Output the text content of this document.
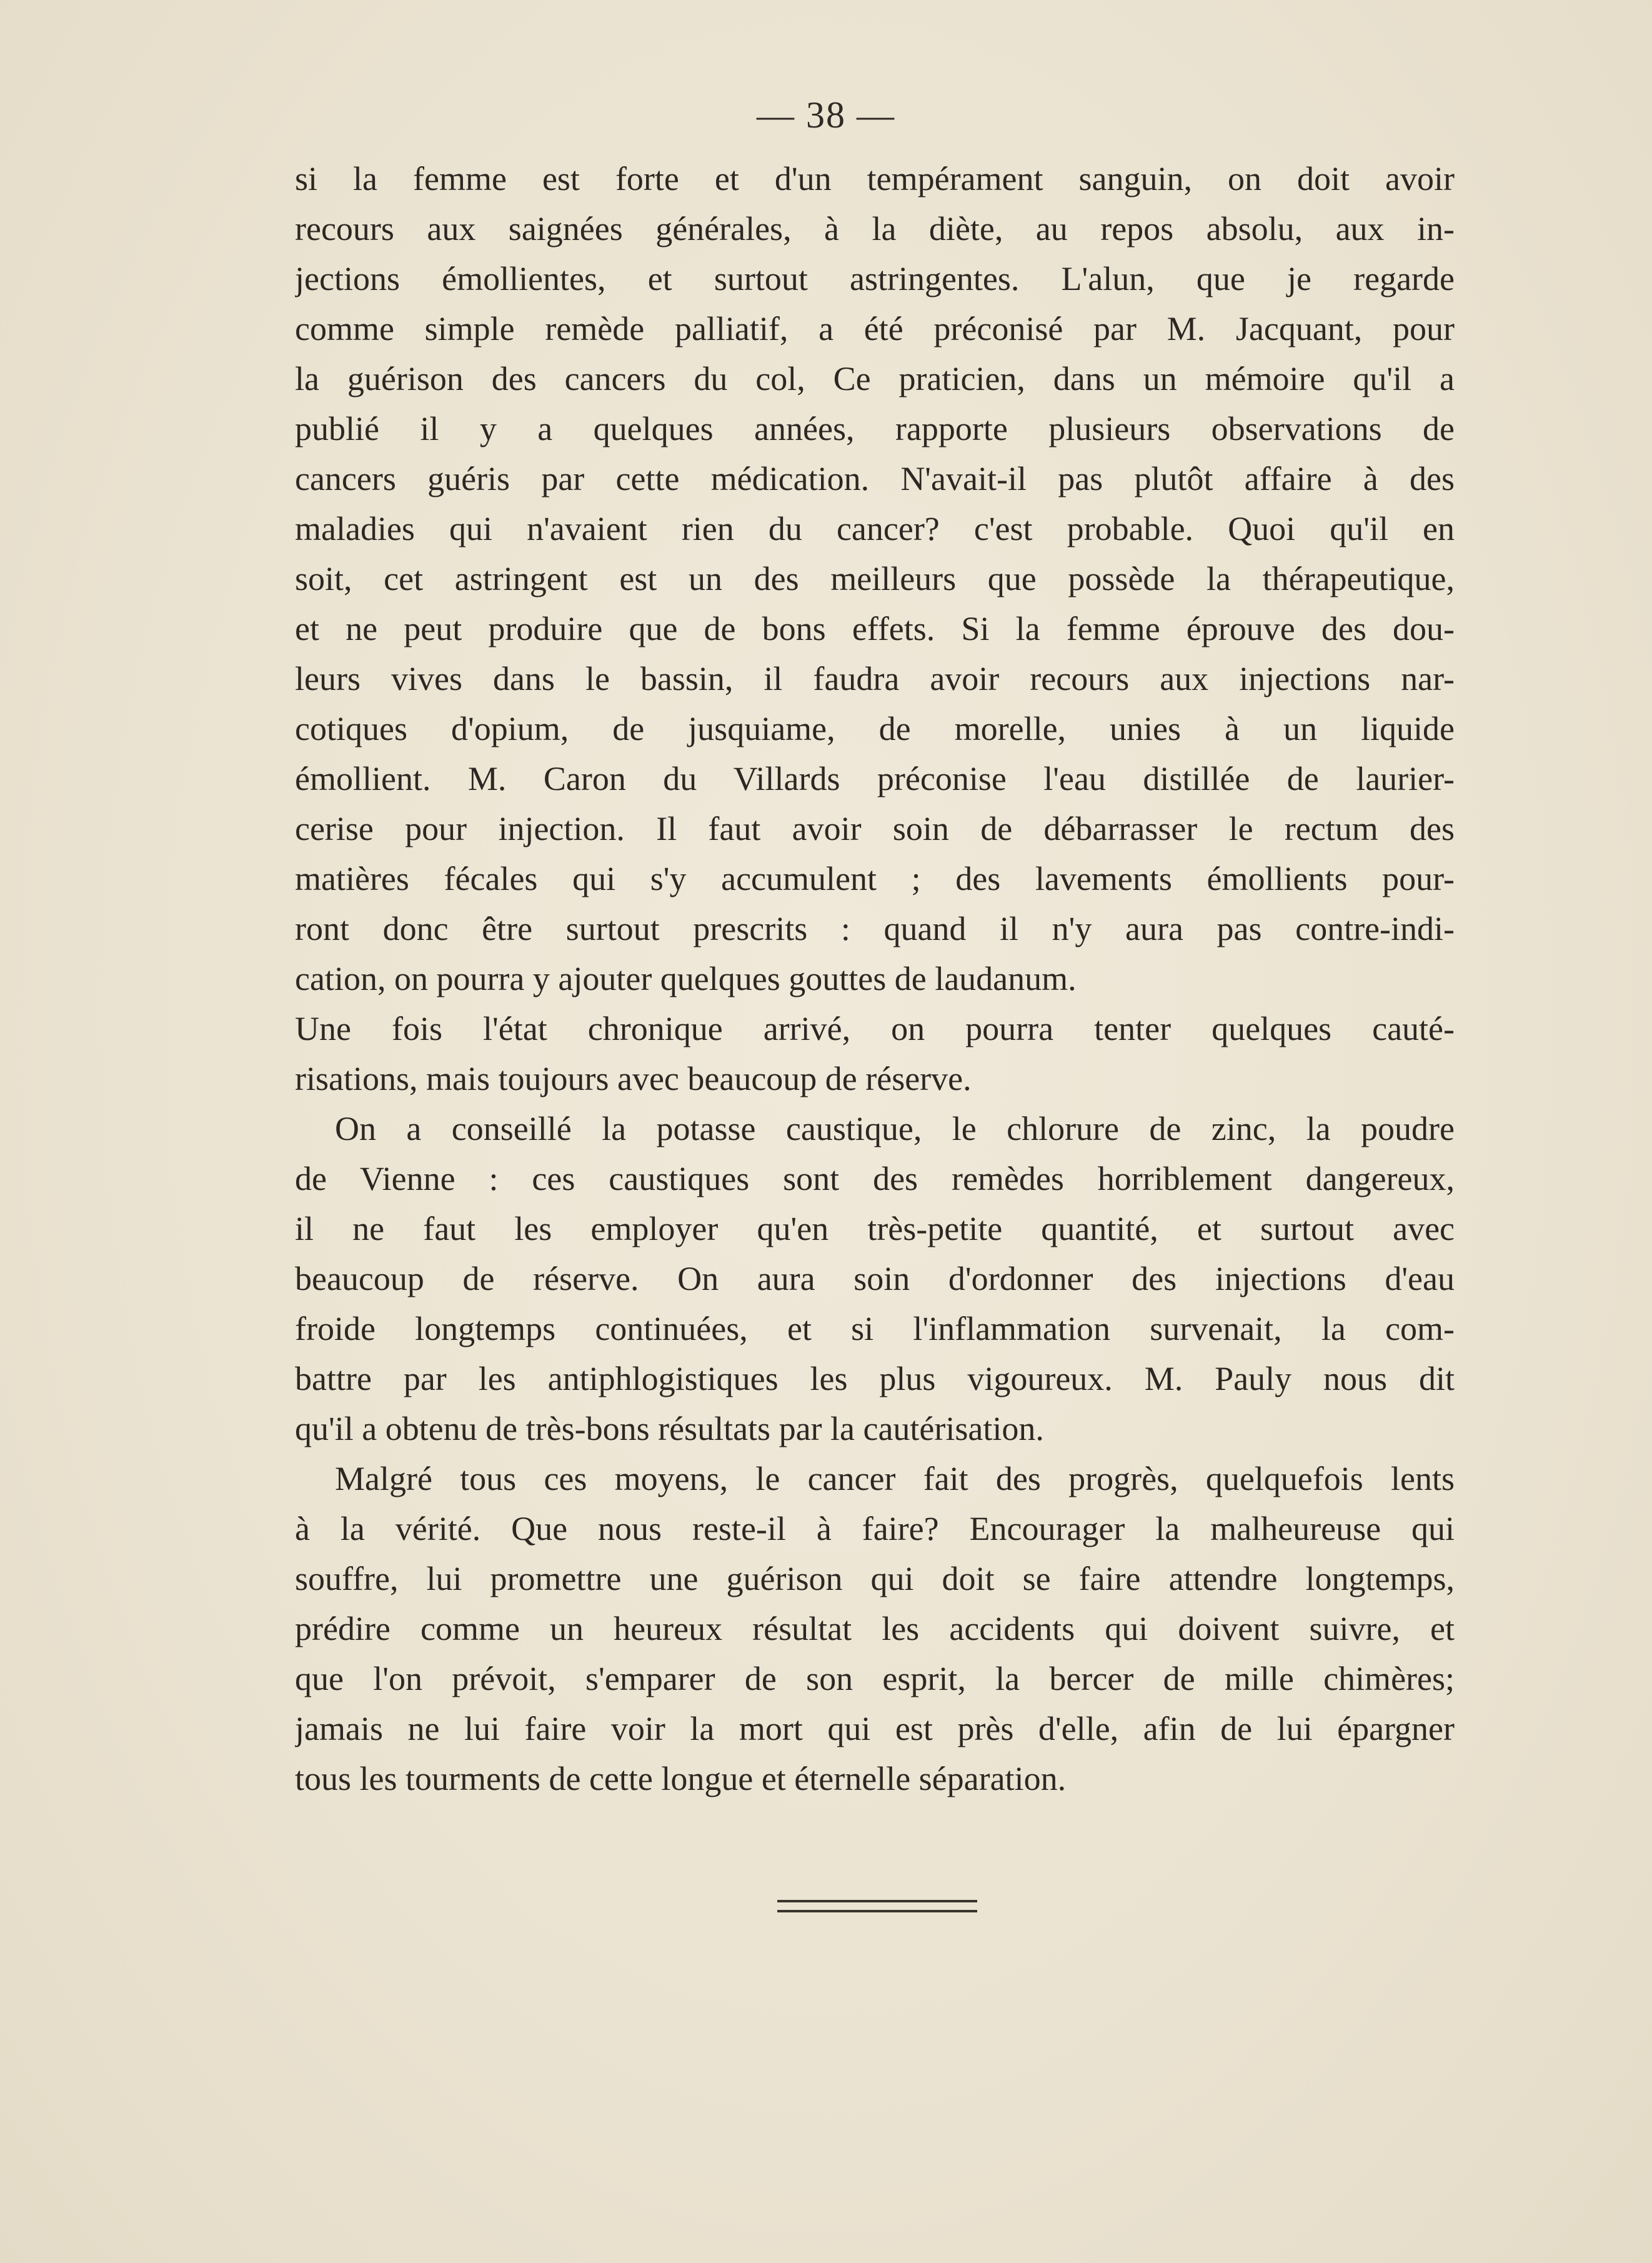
— 38 —
si la femme est forte et d'un tempérament sanguin, on doit avoir
recours aux saignées générales, à la diète, au repos absolu, aux in-
jections émollientes, et surtout astringentes. L'alun, que je regarde
comme simple remède palliatif, a été préconisé par M. Jacquant, pour
la guérison des cancers du col, Ce praticien, dans un mémoire qu'il a
publié il y a quelques années, rapporte plusieurs observations de
cancers guéris par cette médication. N'avait-il pas plutôt affaire à des
maladies qui n'avaient rien du cancer? c'est probable. Quoi qu'il en
soit, cet astringent est un des meilleurs que possède la thérapeutique,
et ne peut produire que de bons effets. Si la femme éprouve des dou-
leurs vives dans le bassin, il faudra avoir recours aux injections nar-
cotiques d'opium, de jusquiame, de morelle, unies à un liquide
émollient. M. Caron du Villards préconise l'eau distillée de laurier-
cerise pour injection. Il faut avoir soin de débarrasser le rectum des
matières fécales qui s'y accumulent ; des lavements émollients pour-
ront donc être surtout prescrits : quand il n'y aura pas contre-indi-
cation, on pourra y ajouter quelques gouttes de laudanum.
Une fois l'état chronique arrivé, on pourra tenter quelques cauté-
risations, mais toujours avec beaucoup de réserve.
On a conseillé la potasse caustique, le chlorure de zinc, la poudre
de Vienne : ces caustiques sont des remèdes horriblement dangereux,
il ne faut les employer qu'en très-petite quantité, et surtout avec
beaucoup de réserve. On aura soin d'ordonner des injections d'eau
froide longtemps continuées, et si l'inflammation survenait, la com-
battre par les antiphlogistiques les plus vigoureux. M. Pauly nous dit
qu'il a obtenu de très-bons résultats par la cautérisation.
Malgré tous ces moyens, le cancer fait des progrès, quelquefois lents
à la vérité. Que nous reste-il à faire? Encourager la malheureuse qui
souffre, lui promettre une guérison qui doit se faire attendre longtemps,
prédire comme un heureux résultat les accidents qui doivent suivre, et
que l'on prévoit, s'emparer de son esprit, la bercer de mille chimères;
jamais ne lui faire voir la mort qui est près d'elle, afin de lui épargner
tous les tourments de cette longue et éternelle séparation.
